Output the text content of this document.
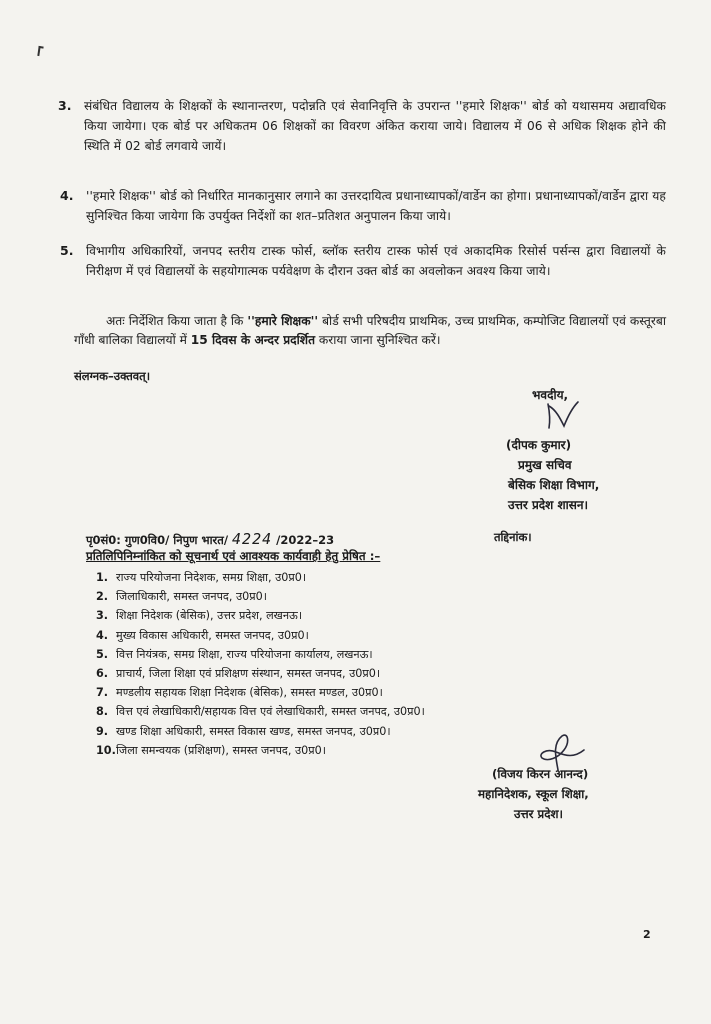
3. संबंधित विद्यालय के शिक्षकों के स्थानान्तरण, पदोन्नति एवं सेवानिवृत्ति के उपरान्त ''हमारे शिक्षक'' बोर्ड को यथासमय अद्यावधिक किया जायेगा। एक बोर्ड पर अधिकतम 06 शिक्षकों का विवरण अंकित कराया जाये। विद्यालय में 06 से अधिक शिक्षक होने की स्थिति में 02 बोर्ड लगवाये जायें।
4. ''हमारे शिक्षक'' बोर्ड को निर्धारित मानकानुसार लगाने का उत्तरदायित्व प्रधानाध्यापकों/वार्डेन का होगा। प्रधानाध्यापकों/वार्डेन द्वारा यह सुनिश्चित किया जायेगा कि उपर्युक्त निर्देशों का शत–प्रतिशत अनुपालन किया जाये।
5. विभागीय अधिकारियों, जनपद स्तरीय टास्क फोर्स, ब्लॉक स्तरीय टास्क फोर्स एवं अकादमिक रिसोर्स पर्सन्स द्वारा विद्यालयों के निरीक्षण में एवं विद्यालयों के सहयोगात्मक पर्यवेक्षण के दौरान उक्त बोर्ड का अवलोकन अवश्य किया जाये।
अतः निर्देशित किया जाता है कि ''हमारे शिक्षक'' बोर्ड सभी परिषदीय प्राथमिक, उच्च प्राथमिक, कम्पोजिट विद्यालयों एवं कस्तूरबा गाँधी बालिका विद्यालयों में 15 दिवस के अन्दर प्रदर्शित कराया जाना सुनिश्चित करें।
संलग्नक–उक्तवत्।
भवदीय,
(दीपक कुमार)
प्रमुख सचिव
बेसिक शिक्षा विभाग,
उत्तर प्रदेश शासन।
पृ0सं0: गुण0वि0/ निपुण भारत/ 4224 /2022–23	तद्दिनांक।
प्रतिलिपिनिम्नांकित को सूचनार्थ एवं आवश्यक कार्यवाही हेतु प्रेषित :–
1. राज्य परियोजना निदेशक, समग्र शिक्षा, उ0प्र0।
2. जिलाधिकारी, समस्त जनपद, उ0प्र0।
3. शिक्षा निदेशक (बेसिक), उत्तर प्रदेश, लखनऊ।
4. मुख्य विकास अधिकारी, समस्त जनपद, उ0प्र0।
5. वित्त नियंत्रक, समग्र शिक्षा, राज्य परियोजना कार्यालय, लखनऊ।
6. प्राचार्य, जिला शिक्षा एवं प्रशिक्षण संस्थान, समस्त जनपद, उ0प्र0।
7. मण्डलीय सहायक शिक्षा निदेशक (बेसिक), समस्त मण्डल, उ0प्र0।
8. वित्त एवं लेखाधिकारी/सहायक वित्त एवं लेखाधिकारी, समस्त जनपद, उ0प्र0।
9. खण्ड शिक्षा अधिकारी, समस्त विकास खण्ड, समस्त जनपद, उ0प्र0।
10.जिला समन्वयक (प्रशिक्षण), समस्त जनपद, उ0प्र0।
(विजय किरन आनन्द)
महानिदेशक, स्कूल शिक्षा,
उत्तर प्रदेश।
2
